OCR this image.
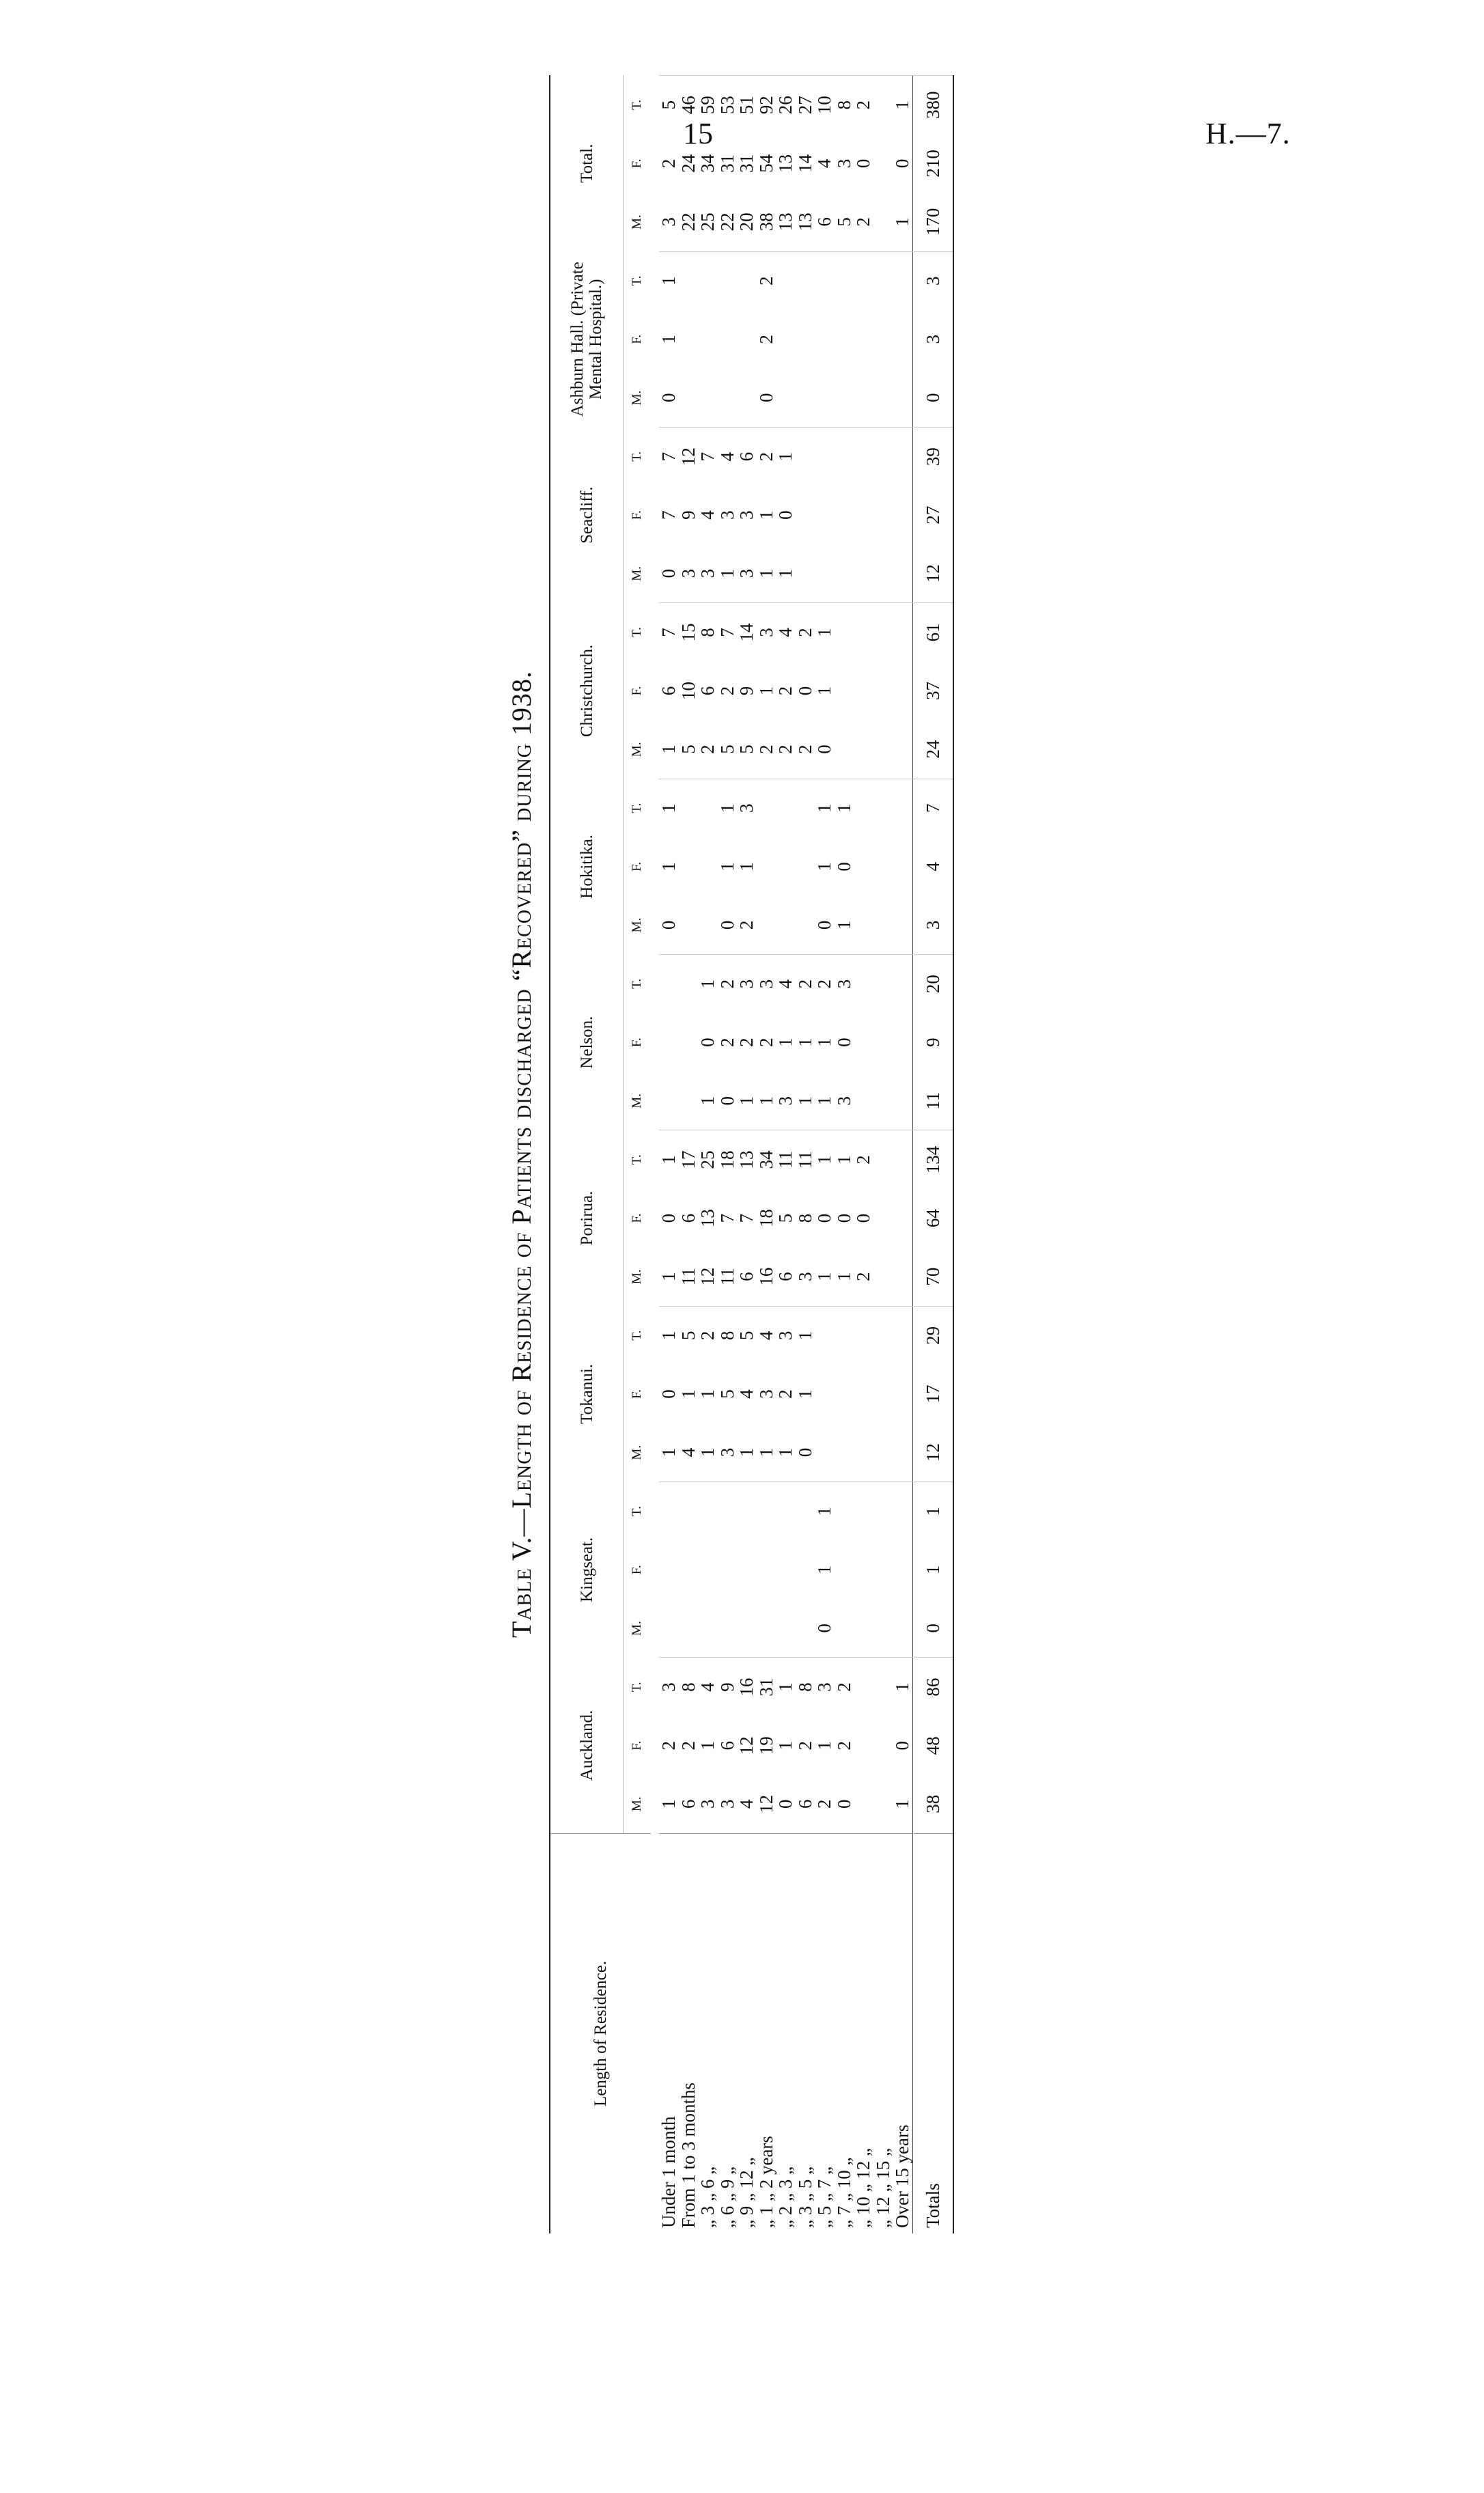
15	H.—7.
Table V.—Length of Residence of Patients discharged “Recovered” during 1938.
Length of Residence.	Auckland.			Kingseat.			Tokanui.			Porirua.			Nelson.			Hokitika.			Christchurch.			Seacliff.			Ashburn Hall. (Private Mental Hospital.)			Total.		
	M.	F.	T.	M.	F.	T.	M.	F.	T.	M.	F.	T.	M.	F.	T.	M.	F.	T.	M.	F.	T.	M.	F.	T.	M.	F.	T.	M.	F.	T.

Under 1 month	1	2	3				1	0	1	1	0	1				0	1	1	1	6	7	0	7	7	0	1	1	3	2	5
From 1 to 3 months	6	2	8				4	1	5	11	6	17							5	10	15	3	9	12				22	24	46
„ 3 „ 6 „	3	1	4				1	1	2	12	13	25	1	0	1				2	6	8	3	4	7				25	34	59
„ 6 „ 9 „	3	6	9				3	5	8	11	7	18	0	2	2	0	1	1	5	2	7	1	3	4				22	31	53
„ 9 „ 12 „	4	12	16				1	4	5	6	7	13	1	2	3	2	1	3	5	9	14	3	3	6				20	31	51
„ 1 „ 2 years	12	19	31				1	3	4	16	18	34	1	2	3				2	1	3	1	1	2	0	2	2	38	54	92
„ 2 „ 3 „	0	1	1				1	2	3	6	5	11	3	1	4				2	2	4	1	0	1				13	13	26
„ 3 „ 5 „	6	2	8				0	1	1	3	8	11	1	1	2				2	0	2							13	14	27
„ 5 „ 7 „	2	1	3	0	1	1				1	0	1	1	1	2	0	1	1	0	1	1							6	4	10
„ 7 „ 10 „	0	2	2							1	0	1	3	0	3	1	0	1										5	3	8
„ 10 „ 12 „										2	0	2																2	0	2
„ 12 „ 15 „																														
Over 15 years	1	0	1																									1	0	1
Totals	38	48	86	0	1	1	12	17	29	70	64	134	11	9	20	3	4	7	24	37	61	12	27	39	0	3	3	170	210	380
